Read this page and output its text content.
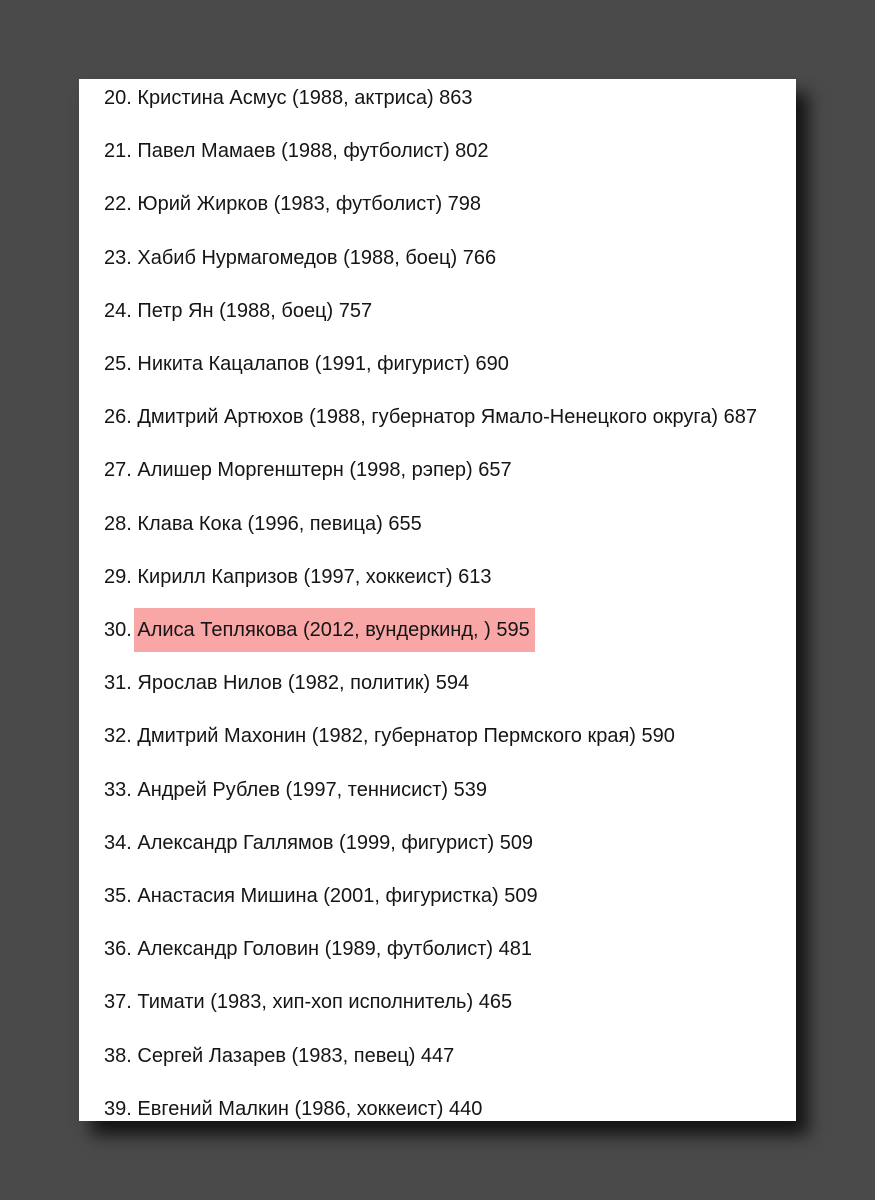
20. Кристина Асмус (1988, актриса) 863
21. Павел Мамаев (1988, футболист) 802
22. Юрий Жирков (1983, футболист) 798
23. Хабиб Нурмагомедов (1988, боец) 766
24. Петр Ян (1988, боец) 757
25. Никита Кацалапов (1991, фигурист) 690
26. Дмитрий Артюхов (1988, губернатор Ямало-Ненецкого округа) 687
27. Алишер Моргенштерн (1998, рэпер) 657
28. Клава Кока (1996, певица) 655
29. Кирилл Капризов (1997, хоккеист) 613
30. Алиса Теплякова (2012, вундеркинд, ) 595
31. Ярослав Нилов (1982, политик) 594
32. Дмитрий Махонин (1982, губернатор Пермского края) 590
33. Андрей Рублев (1997, теннисист) 539
34. Александр Галлямов (1999, фигурист) 509
35. Анастасия Мишина (2001, фигуристка) 509
36. Александр Головин (1989, футболист) 481
37. Тимати (1983, хип-хоп исполнитель) 465
38. Сергей Лазарев (1983, певец) 447
39. Евгений Малкин (1986, хоккеист) 440
